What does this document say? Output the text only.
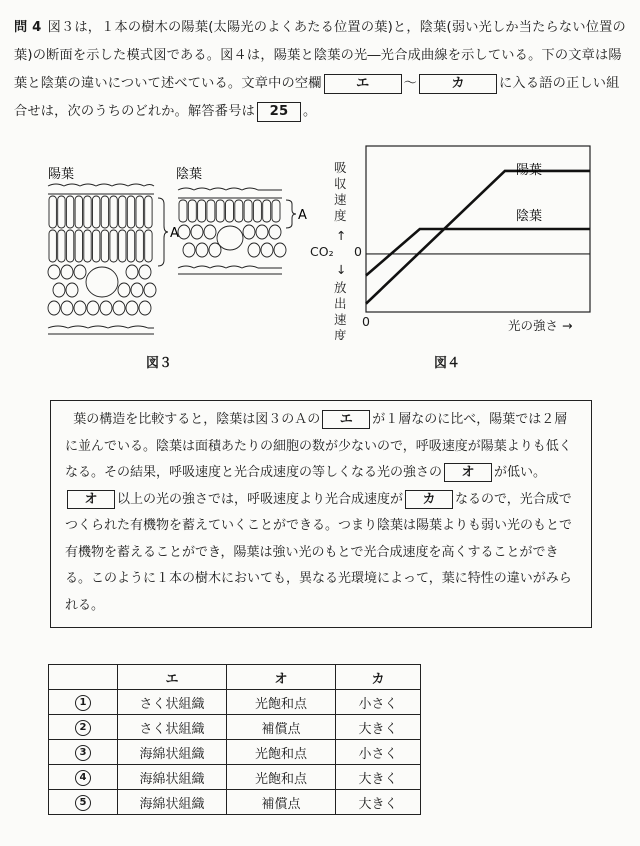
問 4 図３は，１本の樹木の陽葉(太陽光のよくあたる位置の葉)と，陰葉(弱い光しか当たらない位置の葉)の断面を示した模式図である。図４は，陽葉と陰葉の光―光合成曲線を示している。下の文章は陽葉と陰葉の違いについて述べている。文章中の空欄	エ	～	カ	に入る語の正しい組合せは，次のうちのどれか。解答番号は 25 。
陽葉	陰葉
A
A
図３
吸
収
速
度
↑
CO₂ 0
↓
放
出
速
度
0	光の強さ →
陽葉
陰葉
図４
葉の構造を比較すると，陰葉は図３のＡの エ が１層なのに比べ，陽葉では２層に並んでいる。陰葉は面積あたりの細胞の数が少ないので，呼吸速度が陽葉よりも低くなる。その結果，呼吸速度と光合成速度の等しくなる光の強さの オ が低い。
オ 以上の光の強さでは，呼吸速度より光合成速度が カ なるので，光合成でつくられた有機物を蓄えていくことができる。つまり陰葉は陽葉よりも弱い光のもとで有機物を蓄えることができ，陽葉は強い光のもとで光合成速度を高くすることができる。このように１本の樹木においても，異なる光環境によって，葉に特性の違いがみられる。
	エ	オ	カ
1	さく状組織	光飽和点	小さく
2	さく状組織	補償点	大きく
3	海綿状組織	光飽和点	小さく
4	海綿状組織	光飽和点	大きく
5	海綿状組織	補償点	大きく
